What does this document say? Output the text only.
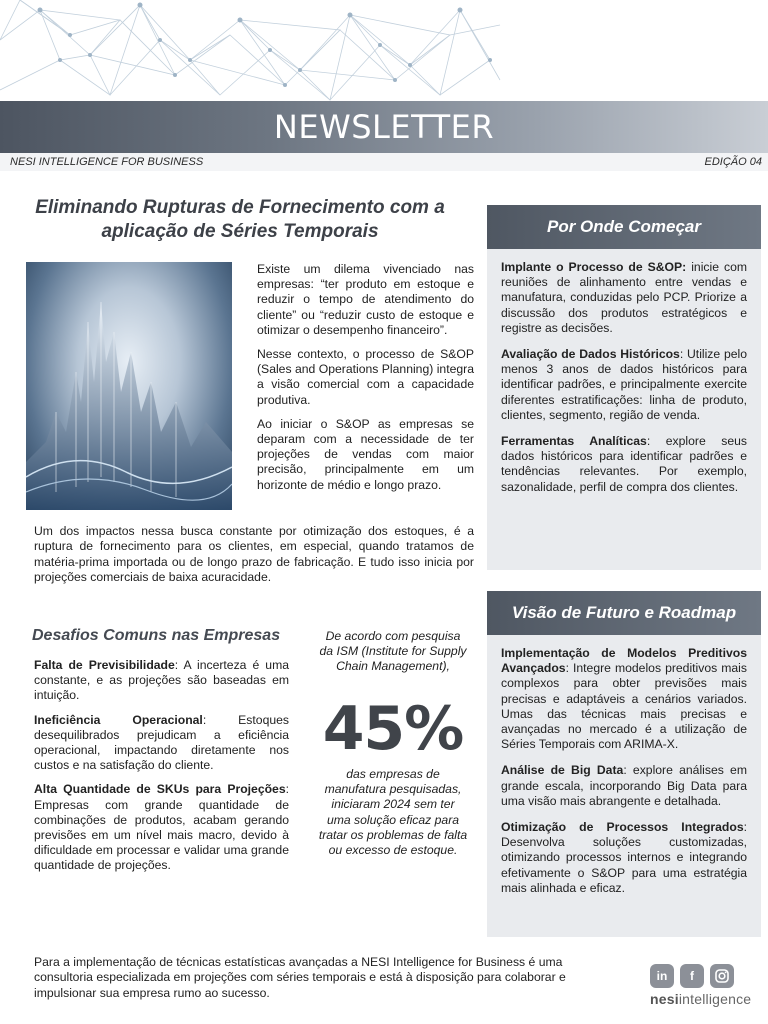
NEWSLETTER
NESI INTELLIGENCE FOR BUSINESS	EDIÇÃO 04
Eliminando Rupturas de Fornecimento com a aplicação de Séries Temporais

Existe um dilema vivenciado nas empresas: “ter produto em estoque e reduzir o tempo de atendimento do cliente” ou “reduzir custo de estoque e otimizar o desempenho financeiro”.

Nesse contexto, o processo de S&OP (Sales and Operations Planning) integra a visão comercial com a capacidade produtiva.

Ao iniciar o S&OP as empresas se deparam com a necessidade de ter projeções de vendas com maior precisão, principalmente em um horizonte de médio e longo prazo.

Um dos impactos nessa busca constante por otimização dos estoques, é a ruptura de fornecimento para os clientes, em especial, quando tratamos de matéria-prima importada ou de longo prazo de fabricação. E tudo isso inicia por projeções comerciais de baixa acuracidade.
Por Onde Começar

Implante o Processo de S&OP: inicie com reuniões de alinhamento entre vendas e manufatura, conduzidas pelo PCP. Priorize a discussão dos produtos estratégicos e registre as decisões.

Avaliação de Dados Históricos: Utilize pelo menos 3 anos de dados históricos para identificar padrões, e principalmente exercite diferentes estratificações: linha de produto, clientes, segmento, região de venda.

Ferramentas Analíticas: explore seus dados históricos para identificar padrões e tendências relevantes. Por exemplo, sazonalidade, perfil de compra dos clientes.

Desafios Comuns nas Empresas

Falta de Previsibilidade: A incerteza é uma constante, e as projeções são baseadas em intuição.

Ineficiência Operacional: Estoques desequilibrados prejudicam a eficiência operacional, impactando diretamente nos custos e na satisfação do cliente.

Alta Quantidade de SKUs para Projeções: Empresas com grande quantidade de combinações de produtos, acabam gerando previsões em um nível mais macro, devido à dificuldade em processar e validar uma grande quantidade de projeções.

De acordo com pesquisa da ISM (Institute for Supply Chain Management),
45%
das empresas de manufatura pesquisadas, iniciaram 2024 sem ter uma solução eficaz para tratar os problemas de falta ou excesso de estoque.
Visão de Futuro e Roadmap

Implementação de Modelos Preditivos Avançados: Integre modelos preditivos mais complexos para obter previsões mais precisas e adaptáveis a cenários variados. Umas das técnicas mais precisas e avançadas no mercado é a utilização de Séries Temporais com ARIMA-X.

Análise de Big Data: explore análises em grande escala, incorporando Big Data para uma visão mais abrangente e detalhada.

Otimização de Processos Integrados: Desenvolva soluções customizadas, otimizando processos internos e integrando efetivamente o S&OP para uma estratégia mais alinhada e eficaz.

Para a implementação de técnicas estatísticas avançadas a NESI Intelligence for Business é uma consultoria especializada em projeções com séries temporais e está à disposição para colaborar e impulsionar sua empresa rumo ao sucesso.
in	f
nesiintelligence
